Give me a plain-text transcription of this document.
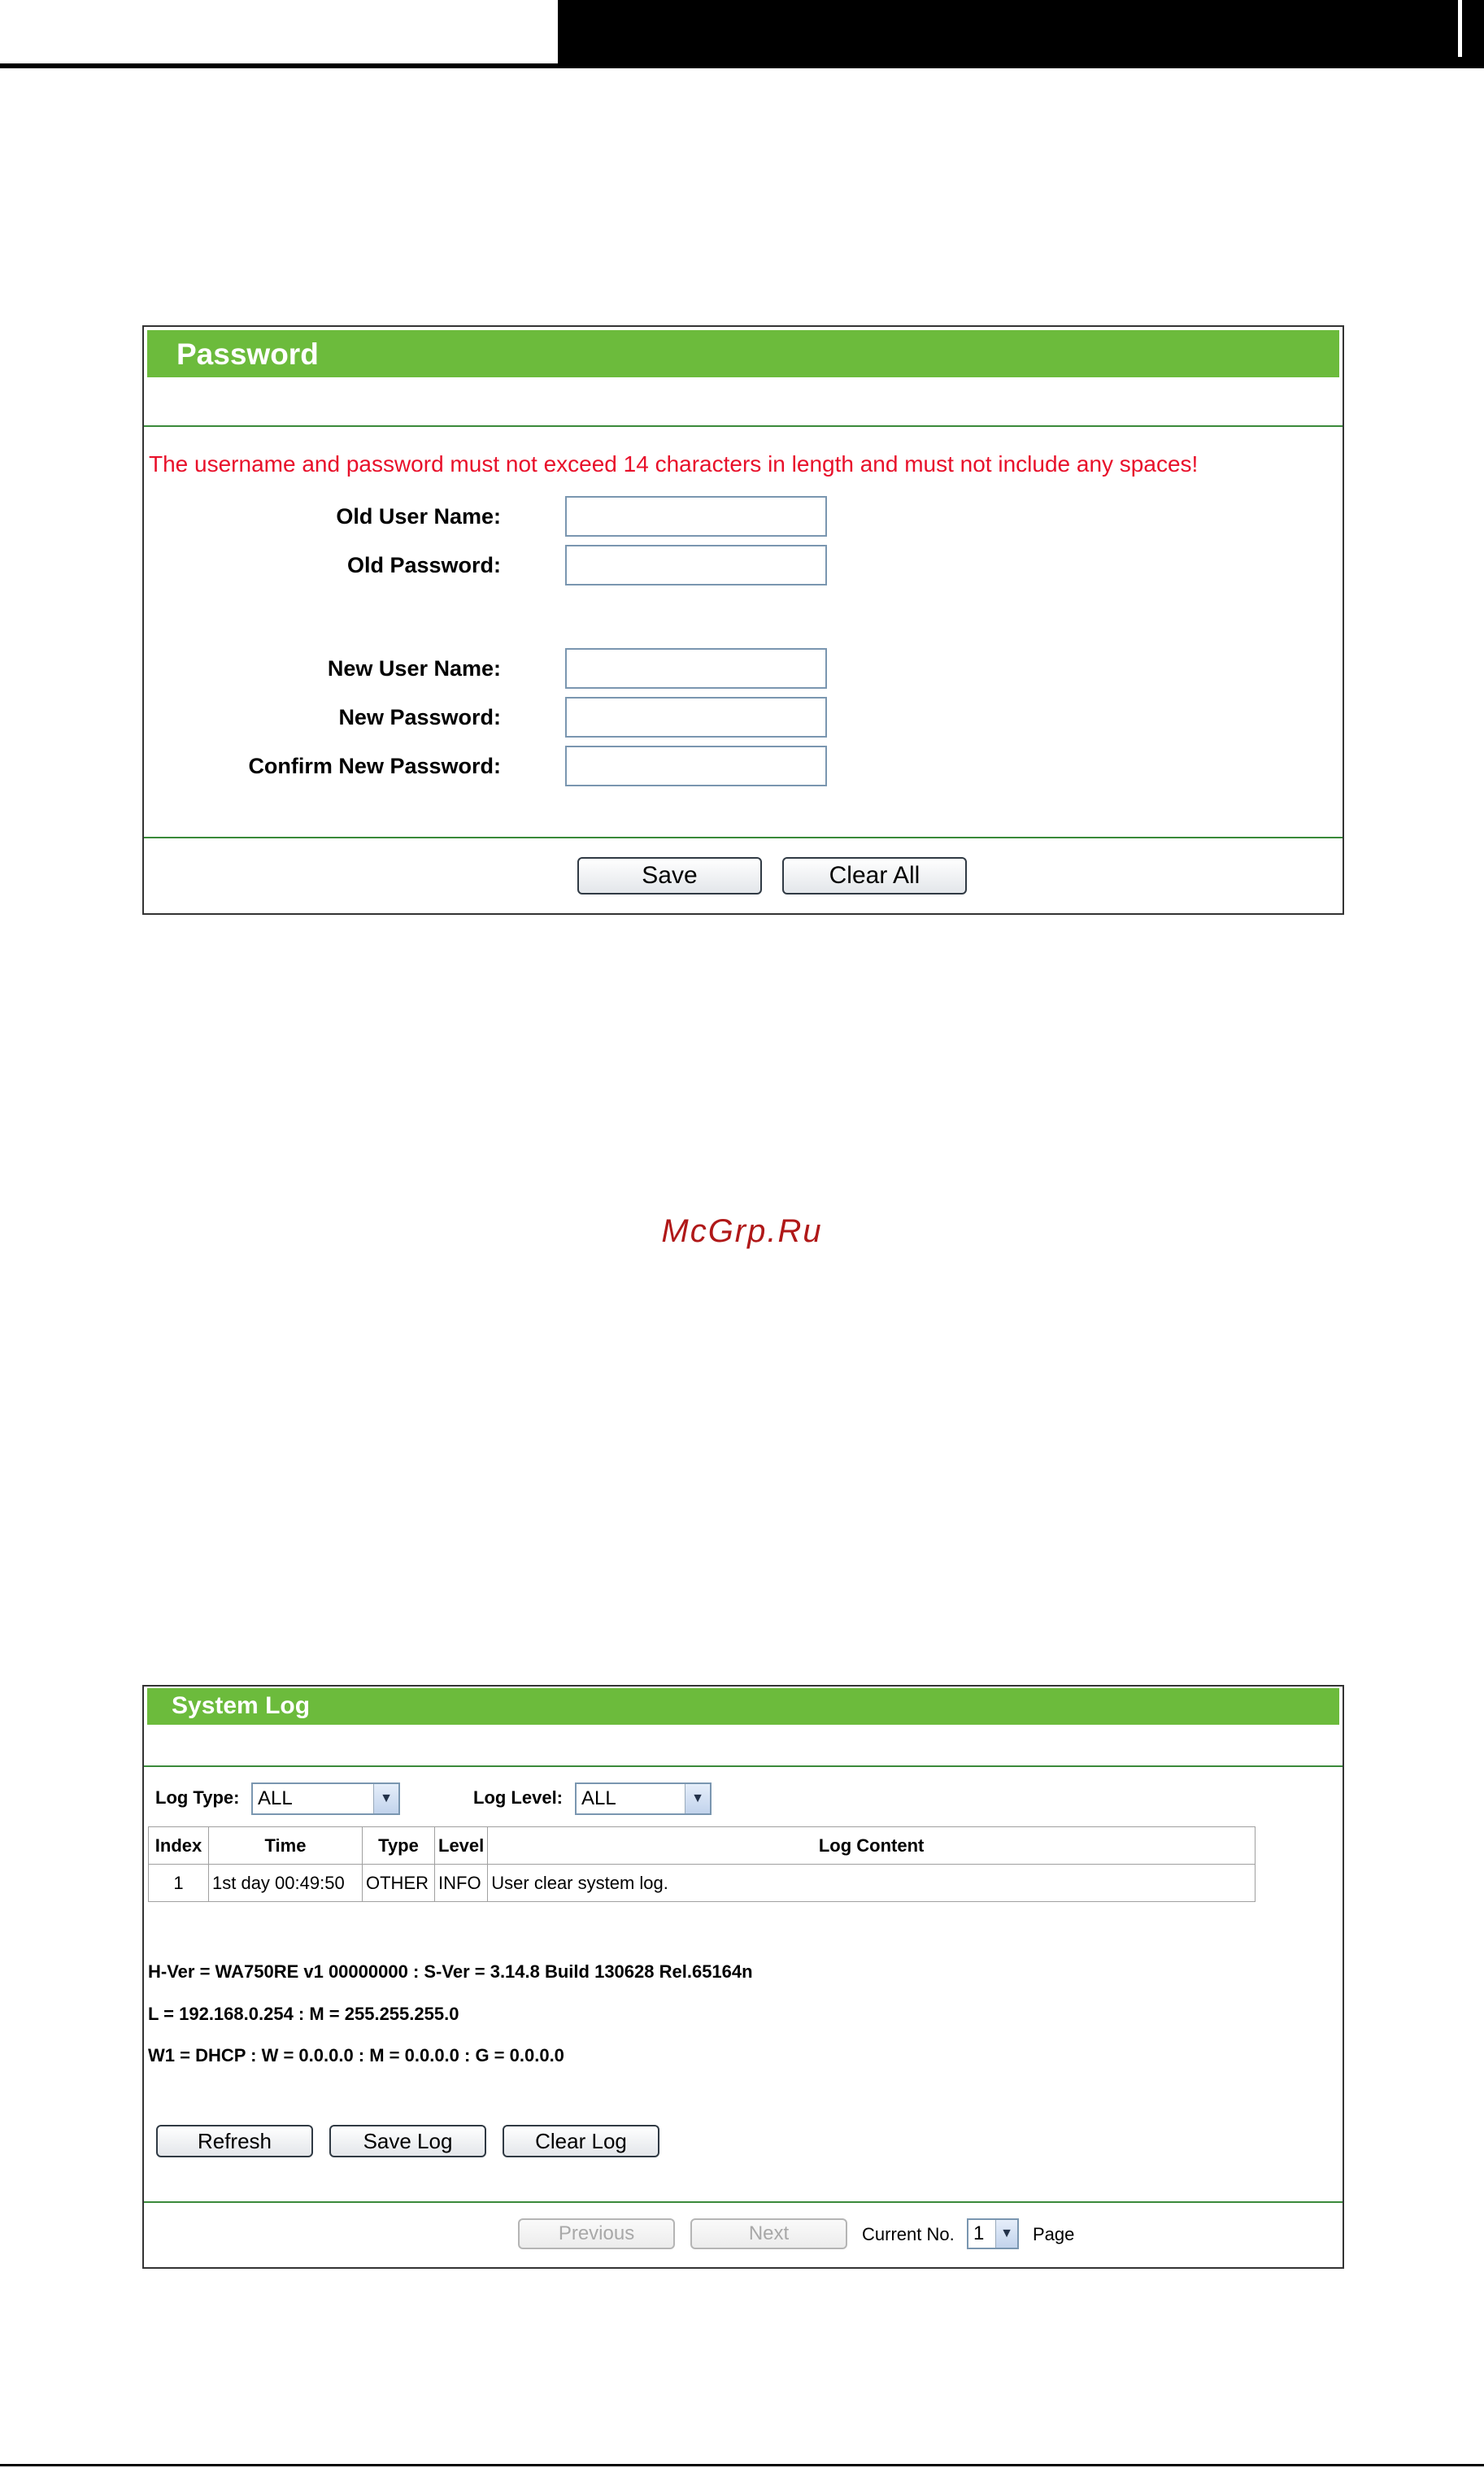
Password
The username and password must not exceed 14 characters in length and must not include any spaces!
Old User Name:
Old Password:
New User Name:
New Password:
Confirm New Password:
Save	Clear All
McGrp.Ru
System Log
Log Type: ALL	▼	Log Level: ALL	▼
Index	Time	Type	Level	Log Content
1	1st day 00:49:50	OTHER	INFO	User clear system log.
H-Ver = WA750RE v1 00000000 : S-Ver = 3.14.8 Build 130628 Rel.65164n
L = 192.168.0.254 : M = 255.255.255.0
W1 = DHCP : W = 0.0.0.0 : M = 0.0.0.0 : G = 0.0.0.0
Refresh	Save Log	Clear Log
Previous	Next	Current No. 1	▼ Page
